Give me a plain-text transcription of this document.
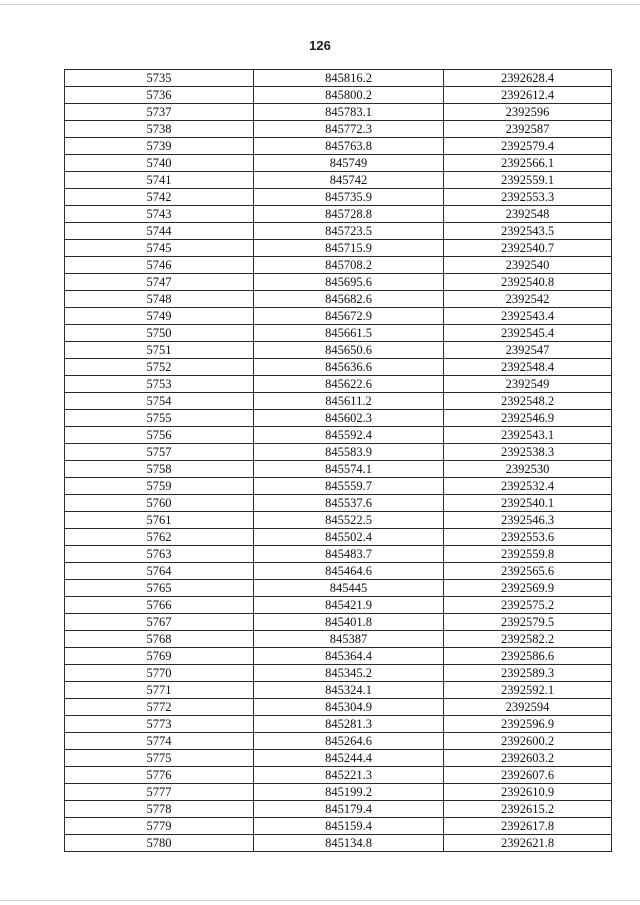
126
5735	845816.2	2392628.4
5736	845800.2	2392612.4
5737	845783.1	2392596
5738	845772.3	2392587
5739	845763.8	2392579.4
5740	845749	2392566.1
5741	845742	2392559.1
5742	845735.9	2392553.3
5743	845728.8	2392548
5744	845723.5	2392543.5
5745	845715.9	2392540.7
5746	845708.2	2392540
5747	845695.6	2392540.8
5748	845682.6	2392542
5749	845672.9	2392543.4
5750	845661.5	2392545.4
5751	845650.6	2392547
5752	845636.6	2392548.4
5753	845622.6	2392549
5754	845611.2	2392548.2
5755	845602.3	2392546.9
5756	845592.4	2392543.1
5757	845583.9	2392538.3
5758	845574.1	2392530
5759	845559.7	2392532.4
5760	845537.6	2392540.1
5761	845522.5	2392546.3
5762	845502.4	2392553.6
5763	845483.7	2392559.8
5764	845464.6	2392565.6
5765	845445	2392569.9
5766	845421.9	2392575.2
5767	845401.8	2392579.5
5768	845387	2392582.2
5769	845364.4	2392586.6
5770	845345.2	2392589.3
5771	845324.1	2392592.1
5772	845304.9	2392594
5773	845281.3	2392596.9
5774	845264.6	2392600.2
5775	845244.4	2392603.2
5776	845221.3	2392607.6
5777	845199.2	2392610.9
5778	845179.4	2392615.2
5779	845159.4	2392617.8
5780	845134.8	2392621.8
